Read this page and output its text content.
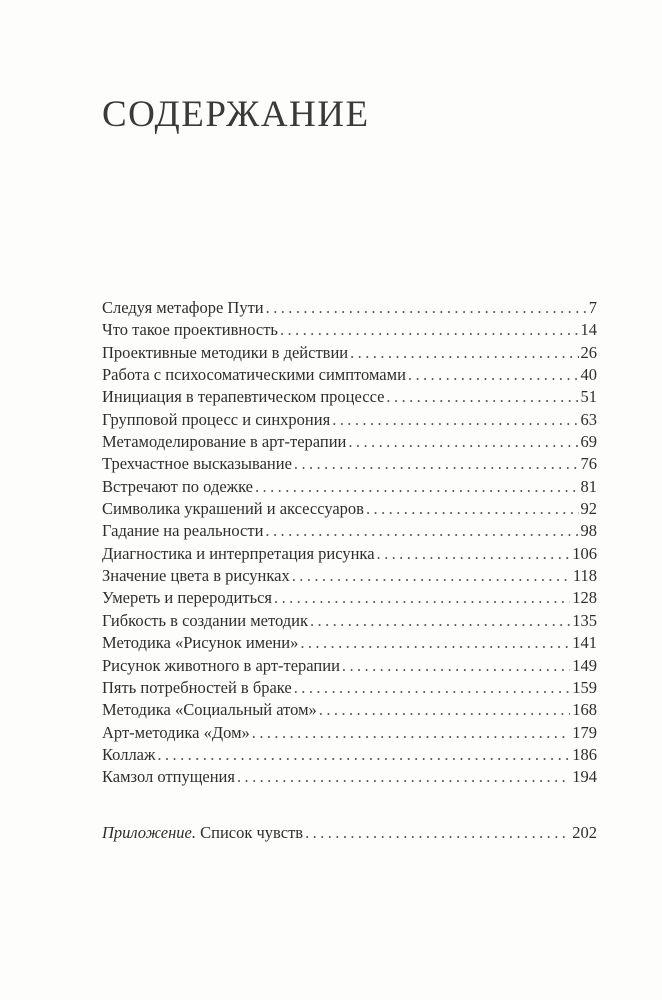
СОДЕРЖАНИЕ
Следуя метафоре Пути . . .	7
Что такое проективность . . .	14
Проективные методики в действии . . .	26
Работа с психосоматическими симптомами . . .	40
Инициация в терапевтическом процессе . . .	51
Групповой процесс и синхрония . . .	63
Метамоделирование в арт-терапии . . .	69
Трехчастное высказывание . . .	76
Встречают по одежке . . .	81
Символика украшений и аксессуаров . . .	92
Гадание на реальности . . .	98
Диагностика и интерпретация рисунка . . .	106
Значение цвета в рисунках . . .	118
Умереть и переродиться . . .	128
Гибкость в создании методик . . .	135
Методика «Рисунок имени» . . .	141
Рисунок животного в арт-терапии . . .	149
Пять потребностей в браке . . .	159
Методика «Социальный атом» . . .	168
Арт-методика «Дом» . . .	179
Коллаж . . .	186
Камзол отпущения . . .	194
Приложение. Список чувств . . .	202
